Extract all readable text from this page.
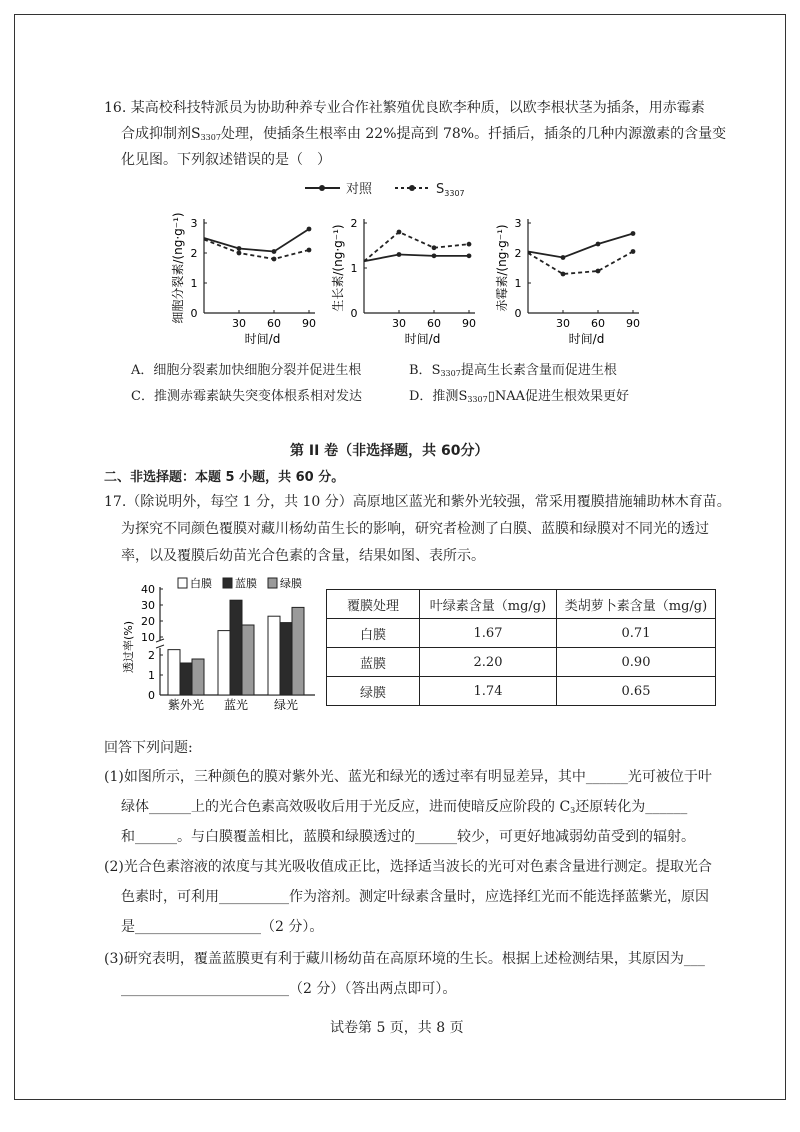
16. 某高校科技特派员为协助种养专业合作社繁殖优良欧李种质，以欧李根状茎为插条，用赤霉素
合成抑制剂$S_{3307}$处理，使插条生根率由 22%提高到 78%。扦插后，插条的几种内源激素的含量变
化见图。下列叙述错误的是（　）
对照	$S_{3307}$
3
2
1
0
30 60 90
时间/d
细胞分裂素/(ng·g⁻¹)	2
1
0
30 60 90
时间/d
生长素/(ng·g⁻¹)
3
2
1
0
30 60 90
时间/d
赤霉素/(ng·g⁻¹)
A．细胞分裂素加快细胞分裂并促进生根	B．$S_{3307}$提高生长素含量而促进生根
C．推测赤霉素缺失突变体根系相对发达	D．推测$S_{3307}▯NAA$促进生根效果更好
第 II 卷（非选择题，共 60分）
二、非选择题：本题 5 小题，共 60 分。
17.（除说明外，每空 1 分，共 10 分）高原地区蓝光和紫外光较强，常采用覆膜措施辅助林木育苗。
为探究不同颜色覆膜对藏川杨幼苗生长的影响，研究者检测了白膜、蓝膜和绿膜对不同光的透过
率，以及覆膜后幼苗光合色素的含量，结果如图、表所示。
白膜 蓝膜 绿膜
40
30
20
10
2
1
0
透过率(%)
紫外光 蓝光 绿光
覆膜处理	叶绿素含量（mg/g)	类胡萝卜素含量（mg/g)
白膜	1.67	0.71
蓝膜	2.20	0.90
绿膜	1.74	0.65
回答下列问题:
(1)如图所示，三种颜色的膜对紫外光、蓝光和绿光的透过率有明显差异，其中______光可被位于叶
绿体______上的光合色素高效吸收后用于光反应，进而使暗反应阶段的 $C_3$还原转化为______
和______。与白膜覆盖相比，蓝膜和绿膜透过的______较少，可更好地减弱幼苗受到的辐射。
(2)光合色素溶液的浓度与其光吸收值成正比，选择适当波长的光可对色素含量进行测定。提取光合
色素时，可利用__________作为溶剂。测定叶绿素含量时，应选择红光而不能选择蓝紫光，原因
是__________________（2 分）。
(3)研究表明，覆盖蓝膜更有利于藏川杨幼苗在高原环境的生长。根据上述检测结果，其原因为___
________________________（2 分）（答出两点即可）。
试卷第 5 页，共 8 页
